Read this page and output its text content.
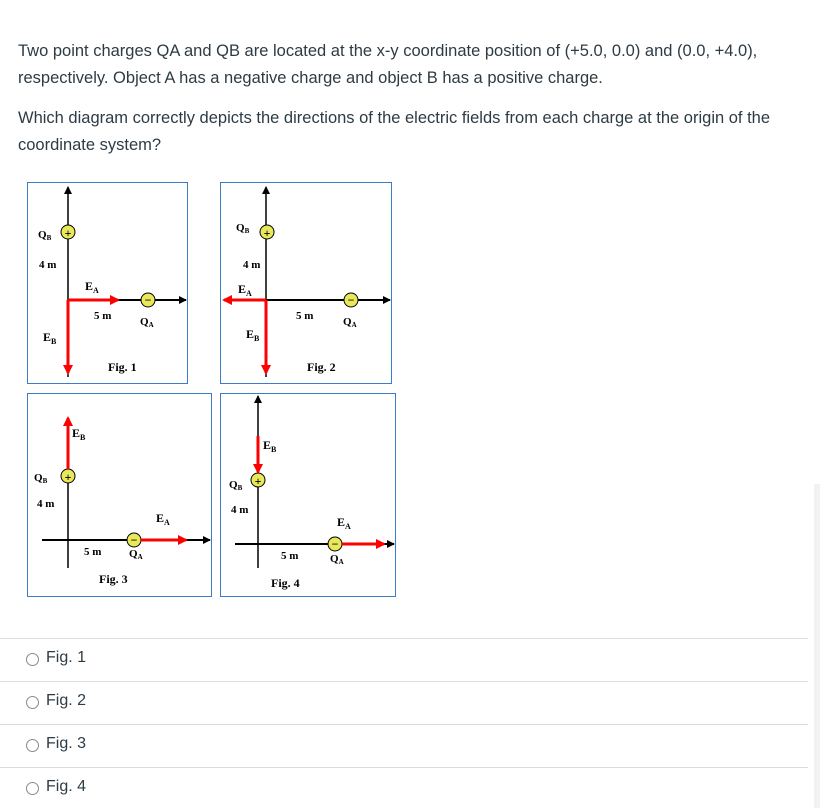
Two point charges QA and QB are located at the x-y coordinate position of (+5.0, 0.0) and (0.0, +4.0), respectively. Object A has a negative charge and object B has a positive charge.

Which diagram correctly depicts the directions of the electric fields from each charge at the origin of the coordinate system?

+
−
QB
4 m
$E_A$
5 m	QA
$E_B$
Fig. 1
+
−
QB
4 m
$E_A$
5 m	QA
$E_B$
Fig. 2
+
−
$E_B$
QB
4 m
$E_A$
5 m	QA
Fig. 3
+
−
$E_B$
QB
4 m
$E_A$
5 m	QA
Fig. 4
Fig. 1
Fig. 2
Fig. 3
Fig. 4
